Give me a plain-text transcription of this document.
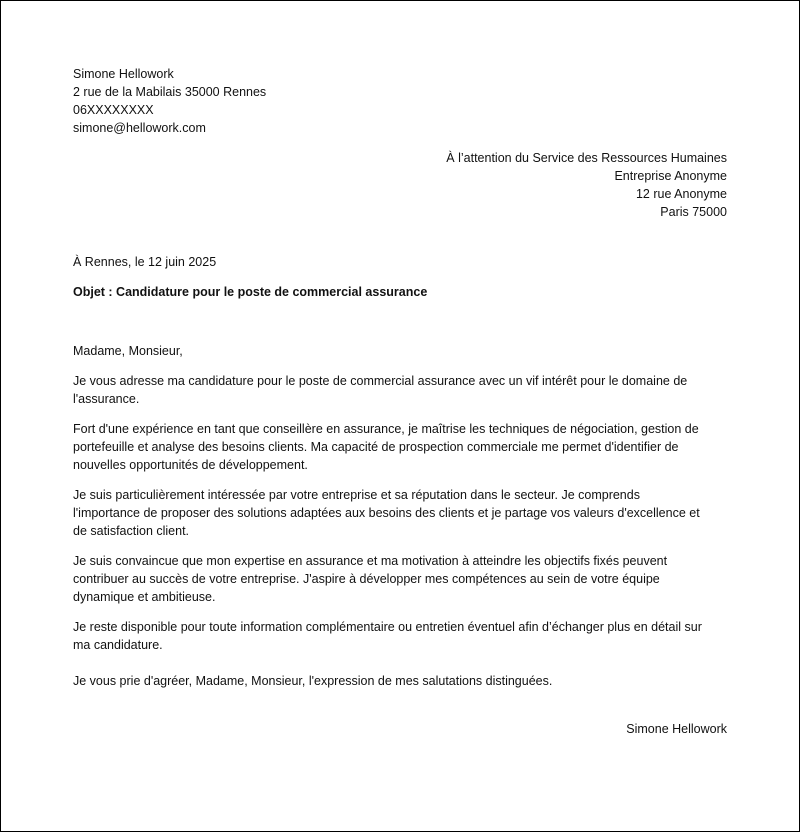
Simone Hellowork
2 rue de la Mabilais 35000 Rennes
06XXXXXXXX
simone@hellowork.com
À l’attention du Service des Ressources Humaines
Entreprise Anonyme
12 rue Anonyme
Paris 75000
À Rennes, le 12 juin 2025
Objet : Candidature pour le poste de commercial assurance
Madame, Monsieur,
Je vous adresse ma candidature pour le poste de commercial assurance avec un vif intérêt pour le domaine de
l'assurance.
Fort d'une expérience en tant que conseillère en assurance, je maîtrise les techniques de négociation, gestion de
portefeuille et analyse des besoins clients. Ma capacité de prospection commerciale me permet d'identifier de
nouvelles opportunités de développement.
Je suis particulièrement intéressée par votre entreprise et sa réputation dans le secteur. Je comprends
l'importance de proposer des solutions adaptées aux besoins des clients et je partage vos valeurs d'excellence et
de satisfaction client.
Je suis convaincue que mon expertise en assurance et ma motivation à atteindre les objectifs fixés peuvent
contribuer au succès de votre entreprise. J'aspire à développer mes compétences au sein de votre équipe
dynamique et ambitieuse.
Je reste disponible pour toute information complémentaire ou entretien éventuel afin d’échanger plus en détail sur
ma candidature.
Je vous prie d'agréer, Madame, Monsieur, l'expression de mes salutations distinguées.
Simone Hellowork
